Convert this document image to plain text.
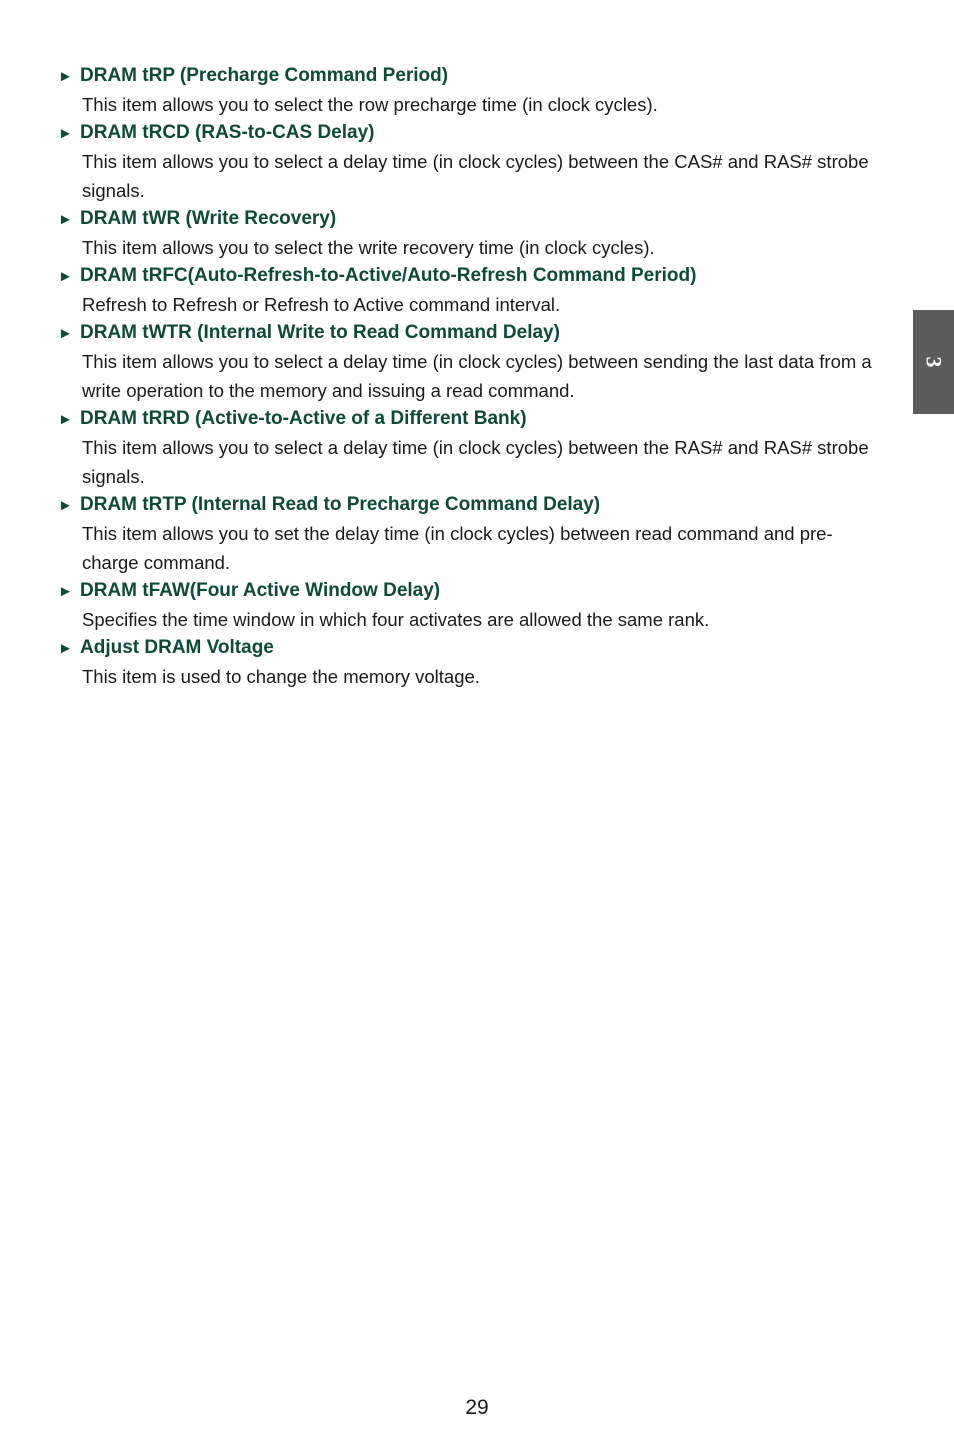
► DRAM tRP (Precharge Command Period)

This item allows you to select the row precharge time (in clock cycles).

► DRAM tRCD (RAS-to-CAS Delay)

This item allows you to select a delay time (in clock cycles) between the CAS# and RAS# strobe signals.

► DRAM tWR (Write Recovery)

This item allows you to select the write recovery time (in clock cycles).

► DRAM tRFC(Auto-Refresh-to-Active/Auto-Refresh Command Period)

Refresh to Refresh or Refresh to Active command interval.

► DRAM tWTR (Internal Write to Read Command Delay)

This item allows you to select a delay time (in clock cycles) between sending the last data from a write operation to the memory and issuing a read command.

► DRAM tRRD (Active-to-Active of a Different Bank)

This item allows you to select a delay time (in clock cycles) between the RAS# and RAS# strobe signals.

► DRAM tRTP (Internal Read to Precharge Command Delay)

This item allows you to set the delay time (in clock cycles) between read command and pre-charge command.

► DRAM tFAW(Four Active Window Delay)

Specifies the time window in which four activates are allowed the same rank.

► Adjust DRAM Voltage

This item is used to change the memory voltage.

3
29
